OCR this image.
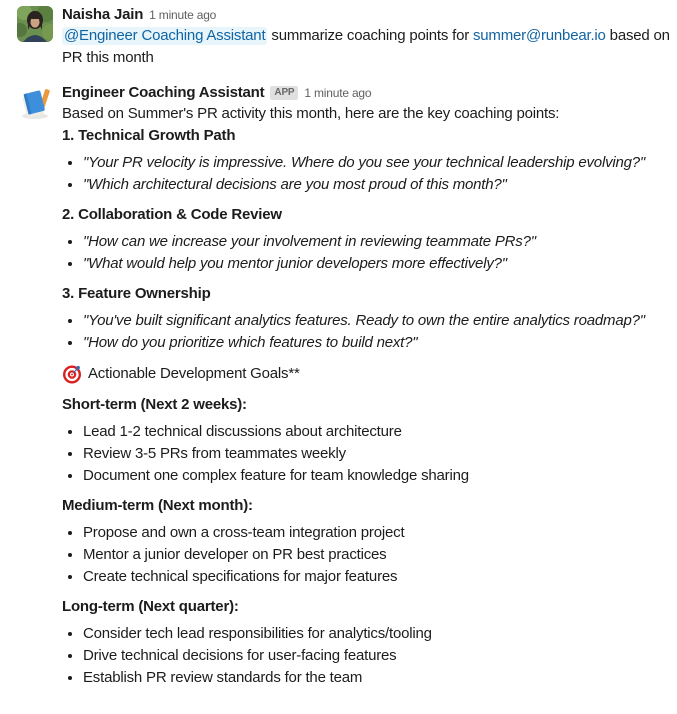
Naisha Jain 1 minute ago
@Engineer Coaching Assistant summarize coaching points for summer@runbear.io based on PR this month
Engineer Coaching Assistant	APP 1 minute ago

Based on Summer's PR activity this month, here are the key coaching points:

1. Technical Growth Path

• "Your PR velocity is impressive. Where do you see your technical leadership evolving?"
• "Which architectural decisions are you most proud of this month?"

2. Collaboration & Code Review

• "How can we increase your involvement in reviewing teammate PRs?"
• "What would help you mentor junior developers more effectively?"

3. Feature Ownership

• "You've built significant analytics features. Ready to own the entire analytics roadmap?"
• "How do you prioritize which features to build next?"

Actionable Development Goals**

Short-term (Next 2 weeks):

• Lead 1-2 technical discussions about architecture
• Review 3-5 PRs from teammates weekly
• Document one complex feature for team knowledge sharing

Medium-term (Next month):

• Propose and own a cross-team integration project
• Mentor a junior developer on PR best practices
• Create technical specifications for major features

Long-term (Next quarter):

• Consider tech lead responsibilities for analytics/tooling
• Drive technical decisions for user-facing features
• Establish PR review standards for the team
